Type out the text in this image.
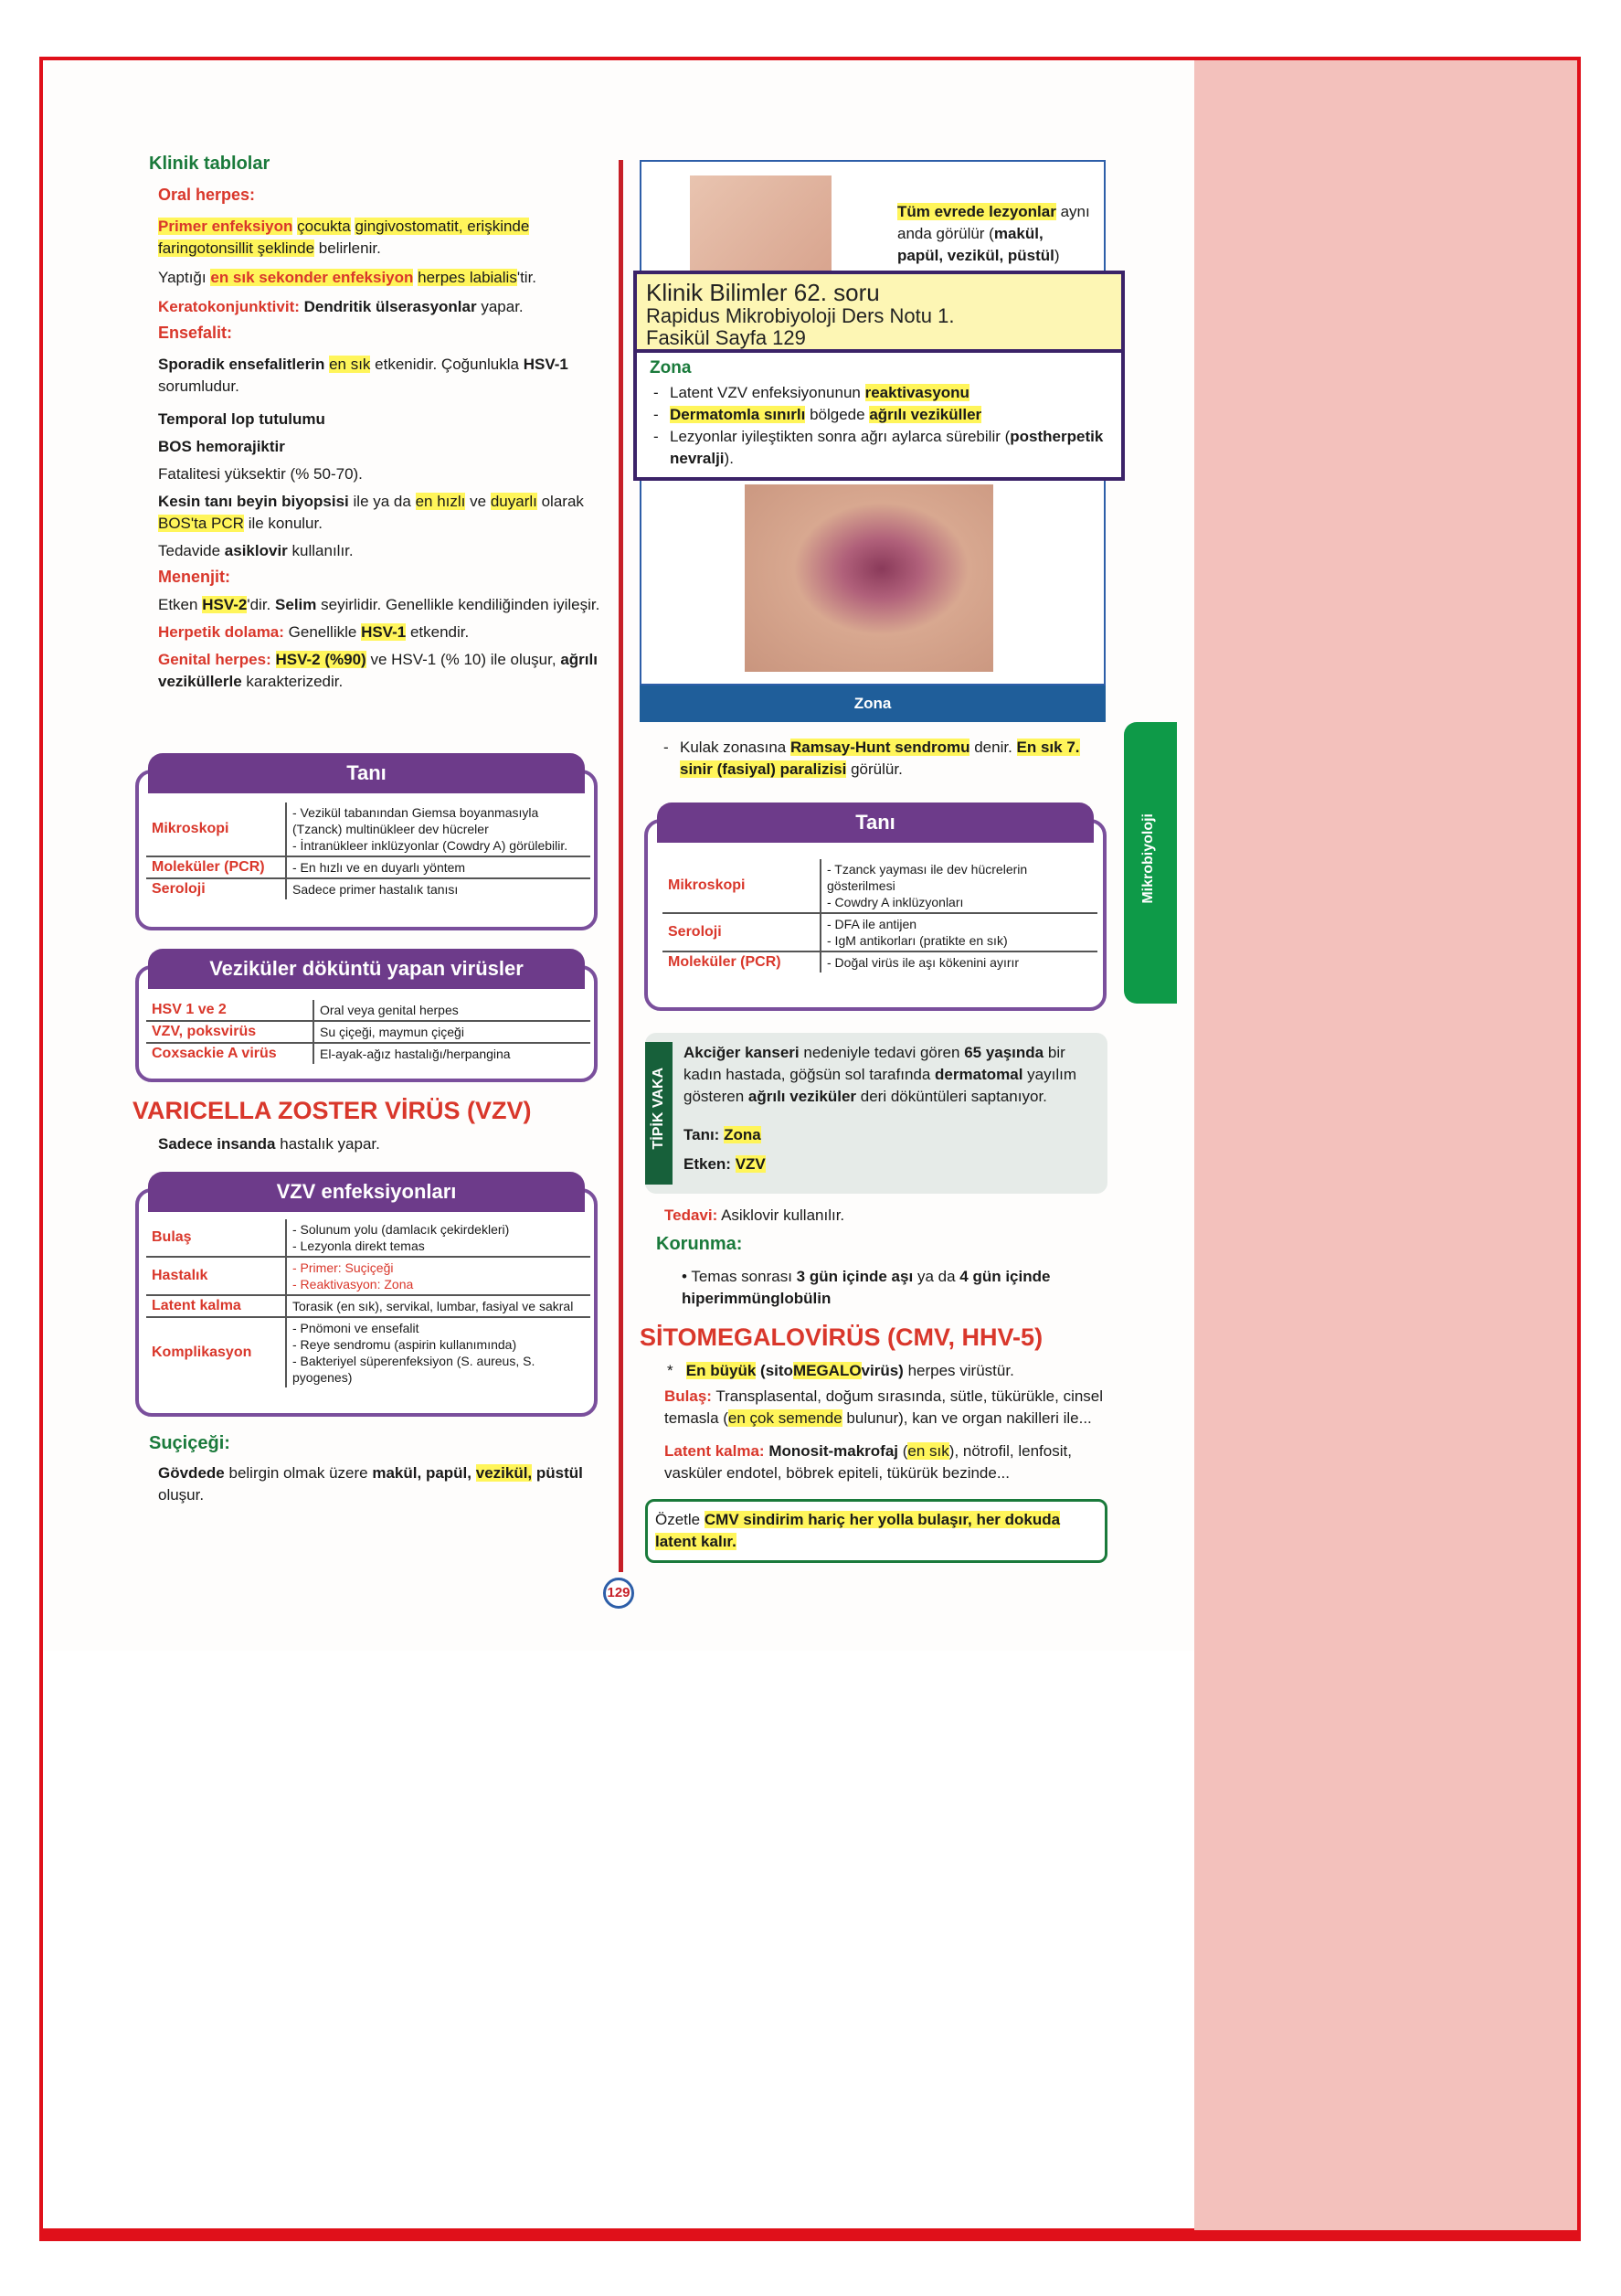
Klinik tablolar
Oral herpes:

Primer enfeksiyon çocukta gingivostomatit, erişkinde faringotonsillit şeklinde belirlenir.

Yaptığı en sık sekonder enfeksiyon herpes labialis'tir.

Keratokonjunktivit: Dendritik ülserasyonlar yapar.

Ensefalit:

Sporadik ensefalitlerin en sık etkenidir. Çoğunlukla HSV-1 sorumludur.

Temporal lop tutulumu

BOS hemorajiktir

Fatalitesi yüksektir (% 50-70).

Kesin tanı beyin biyopsisi ile ya da en hızlı ve duyarlı olarak BOS'ta PCR ile konulur.

Tedavide asiklovir kullanılır.

Menenjit:

Etken HSV-2'dir. Selim seyirlidir. Genellikle kendiliğinden iyileşir.

Herpetik dolama: Genellikle HSV-1 etkendir.

Genital herpes: HSV-2 (%90) ve HSV-1 (% 10) ile oluşur, ağrılı veziküllerle karakterizedir.

Tanı
Mikroskopi	- Vezikül tabanından Giemsa boyanmasıyla (Tzanck) multinükleer dev hücreler
- İntranükleer inklüzyonlar (Cowdry A) görülebilir.

Moleküler (PCR)	- En hızlı ve en duyarlı yöntem
Seroloji	Sadece primer hastalık tanısı
Veziküler döküntü yapan virüsler
HSV 1 ve 2	Oral veya genital herpes
VZV, poksvirüs	Su çiçeği, maymun çiçeği
Coxsackie A virüs	El-ayak-ağız hastalığı/herpangina
VARICELLA ZOSTER VİRÜS (VZV)

Sadece insanda hastalık yapar.

VZV enfeksiyonları
Bulaş	- Solunum yolu (damlacık çekirdekleri)
- Lezyonla direkt temas

Hastalık	- Primer: Suçiçeği
- Reaktivasyon: Zona

Latent kalma	Torasik (en sık), servikal, lumbar, fasiyal ve sakral
Komplikasyon	- Pnömoni ve ensefalit
- Reye sendromu (aspirin kullanımında)
- Bakteriyel süperenfeksiyon (S. aureus, S. pyogenes)
Suçiçeği:

Gövdede belirgin olmak üzere makül, papül, vezikül, püstül oluşur.

Tüm evrede lezyonlar aynı anda görülür (makül, papül, vezikül, püstül)

Klinik Bilimler 62. soru
Rapidus Mikrobiyoloji Ders Notu 1.
Fasikül Sayfa 129
Zona
- Latent VZV enfeksiyonunun reaktivasyonu
- Dermatomla sınırlı bölgede ağrılı veziküller
- Lezyonlar iyileştikten sonra ağrı aylarca sürebilir (postherpetik nevralji).
Zona
- Kulak zonasına Ramsay-Hunt sendromu denir. En sık 7. sinir (fasiyal) paralizisi görülür.
Tanı
Mikroskopi	- Tzanck yayması ile dev hücrelerin gösterilmesi
- Cowdry A inklüzyonları

Seroloji	- DFA ile antijen
- IgM antikorları (pratikte en sık)

Moleküler (PCR)	- Doğal virüs ile aşı kökenini ayırır
Mikrobiyoloji
TİPİK VAKA

Akciğer kanseri nedeniyle tedavi gören 65 yaşında bir kadın hastada, göğsün sol tarafında dermatomal yayılım gösteren ağrılı veziküler deri döküntüleri saptanıyor.

Tanı: Zona

Etken: VZV

Tedavi: Asiklovir kullanılır.

Korunma:

• Temas sonrası 3 gün içinde aşı ya da 4 gün içinde hiperimmünglobülin

SİTOMEGALOVİRÜS (CMV, HHV-5)

* En büyük (sitoMEGALOvirüs) herpes virüstür.

Bulaş: Transplasental, doğum sırasında, sütle, tükürükle, cinsel temasla (en çok semende bulunur), kan ve organ nakilleri ile...

Latent kalma: Monosit-makrofaj (en sık), nötrofil, lenfosit, vasküler endotel, böbrek epiteli, tükürük bezinde...

Özetle CMV sindirim hariç her yolla bulaşır, her dokuda latent kalır.

129
